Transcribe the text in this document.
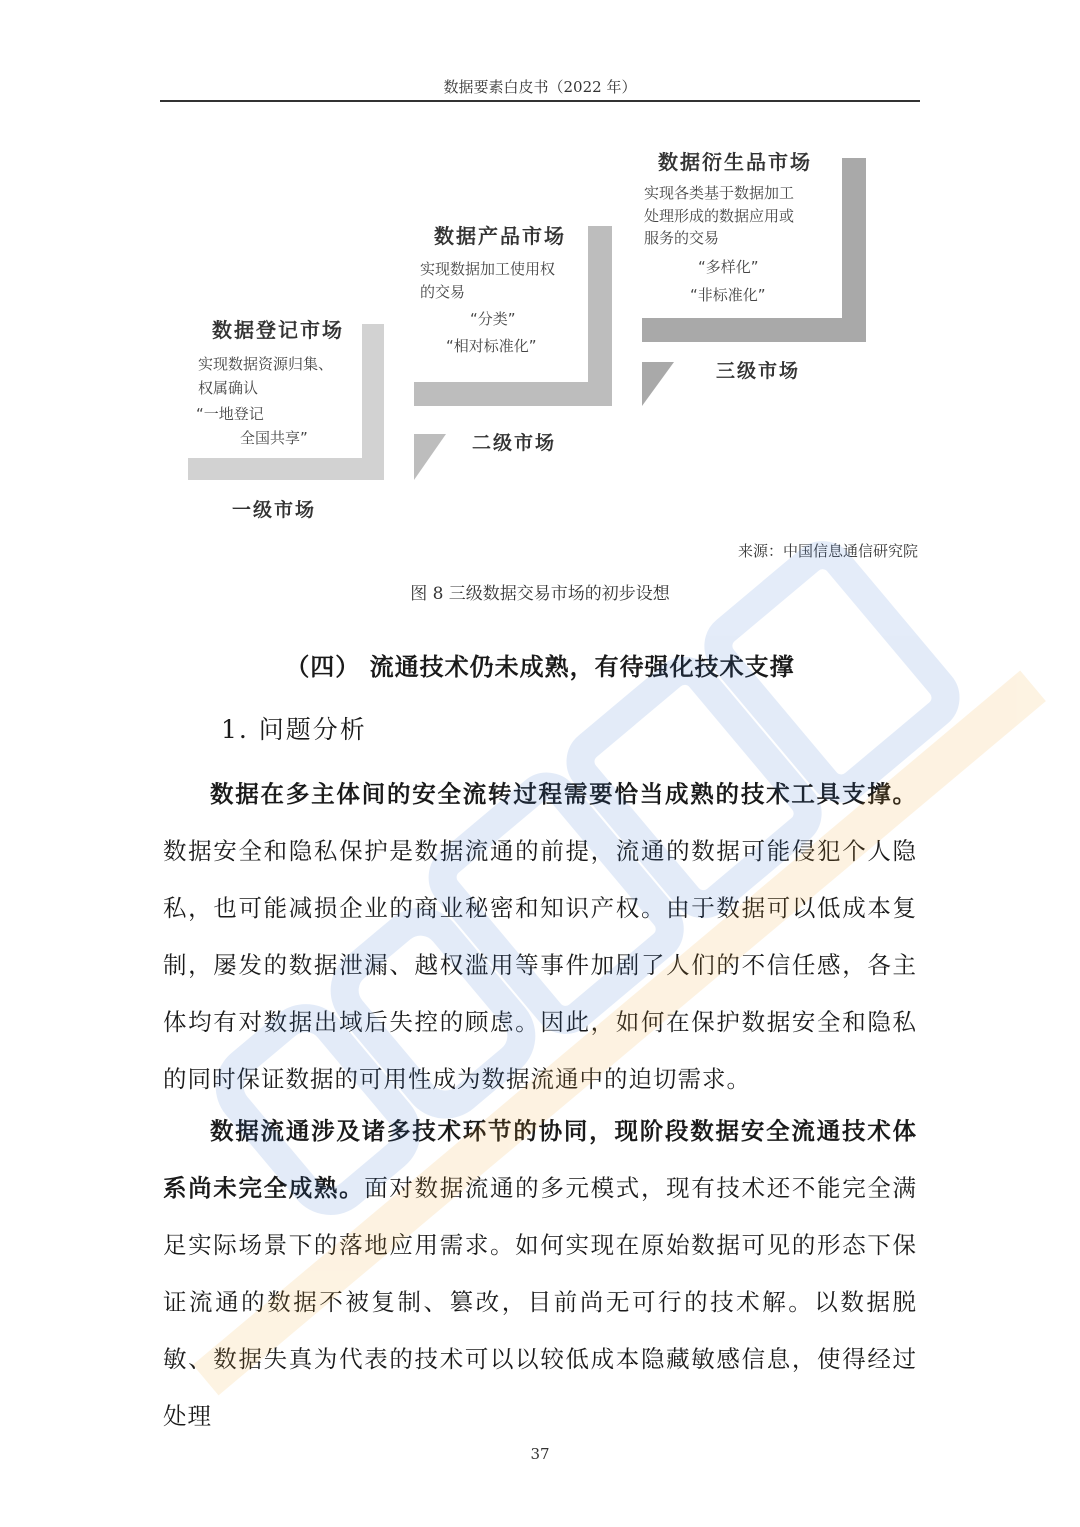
数据要素白皮书（2022 年）
数据登记市场
实现数据资源归集、
权属确认
“一地登记
全国共享”
一级市场
数据产品市场
实现数据加工使用权
的交易
“分类”
“相对标准化”
二级市场
数据衍生品市场
实现各类基于数据加工
处理形成的数据应用或
服务的交易
“多样化”
“非标准化”
三级市场
来源：中国信息通信研究院
图 8 三级数据交易市场的初步设想
（四） 流通技术仍未成熟，有待强化技术支撑
1. 问题分析
数据在多主体间的安全流转过程需要恰当成熟的技术工具支撑。数据安全和隐私保护是数据流通的前提，流通的数据可能侵犯个人隐私，也可能减损企业的商业秘密和知识产权。由于数据可以低成本复制，屡发的数据泄漏、越权滥用等事件加剧了人们的不信任感，各主体均有对数据出域后失控的顾虑。因此，如何在保护数据安全和隐私的同时保证数据的可用性成为数据流通中的迫切需求。
数据流通涉及诸多技术环节的协同，现阶段数据安全流通技术体系尚未完全成熟。面对数据流通的多元模式，现有技术还不能完全满足实际场景下的落地应用需求。如何实现在原始数据可见的形态下保证流通的数据不被复制、篡改，目前尚无可行的技术解。以数据脱敏、数据失真为代表的技术可以以较低成本隐藏敏感信息，使得经过处理
37
